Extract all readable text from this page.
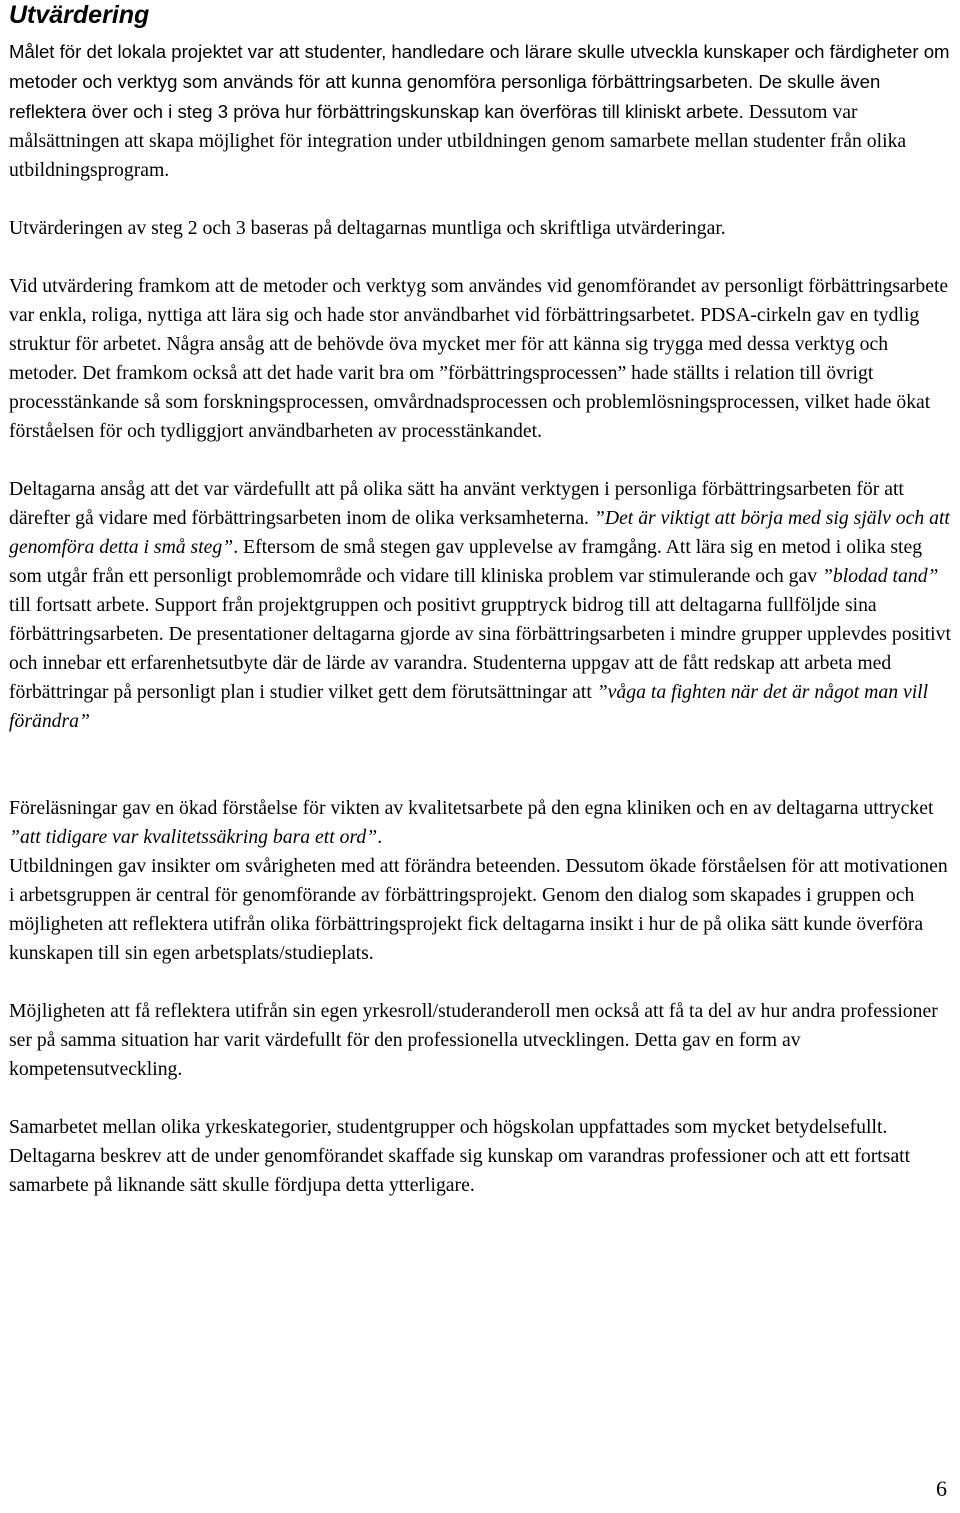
Utvärdering

Målet för det lokala projektet var att studenter, handledare och lärare skulle utveckla kunskaper och färdigheter om metoder och verktyg som används för att kunna genomföra personliga förbättringsarbeten. De skulle även reflektera över och i steg 3 pröva hur förbättringskunskap kan överföras till kliniskt arbete. Dessutom var målsättningen att skapa möjlighet för integration under utbildningen genom samarbete mellan studenter från olika utbildningsprogram.

Utvärderingen av steg 2 och 3 baseras på deltagarnas muntliga och skriftliga utvärderingar.

Vid utvärdering framkom att de metoder och verktyg som användes vid genomförandet av personligt förbättringsarbete var enkla, roliga, nyttiga att lära sig och hade stor användbarhet vid förbättringsarbetet. PDSA-cirkeln gav en tydlig struktur för arbetet. Några ansåg att de behövde öva mycket mer för att känna sig trygga med dessa verktyg och metoder. Det framkom också att det hade varit bra om ”förbättringsprocessen” hade ställts i relation till övrigt processtänkande så som forskningsprocessen, omvårdnadsprocessen och problemlösningsprocessen, vilket hade ökat förståelsen för och tydliggjort användbarheten av processtänkandet.

Deltagarna ansåg att det var värdefullt att på olika sätt ha använt verktygen i personliga förbättringsarbeten för att därefter gå vidare med förbättringsarbeten inom de olika verksamheterna. ”Det är viktigt att börja med sig själv och att genomföra detta i små steg”. Eftersom de små stegen gav upplevelse av framgång. Att lära sig en metod i olika steg som utgår från ett personligt problemområde och vidare till kliniska problem var stimulerande och gav ”blodad tand” till fortsatt arbete. Support från projektgruppen och positivt grupptryck bidrog till att deltagarna fullföljde sina förbättringsarbeten. De presentationer deltagarna gjorde av sina förbättringsarbeten i mindre grupper upplevdes positivt och innebar ett erfarenhetsutbyte där de lärde av varandra. Studenterna uppgav att de fått redskap att arbeta med förbättringar på personligt plan i studier vilket gett dem förutsättningar att ”våga ta fighten när det är något man vill förändra”

Föreläsningar gav en ökad förståelse för vikten av kvalitetsarbete på den egna kliniken och en av deltagarna uttrycket ”att tidigare var kvalitetssäkring bara ett ord”.
Utbildningen gav insikter om svårigheten med att förändra beteenden. Dessutom ökade förståelsen för att motivationen i arbetsgruppen är central för genomförande av förbättringsprojekt. Genom den dialog som skapades i gruppen och möjligheten att reflektera utifrån olika förbättringsprojekt fick deltagarna insikt i hur de på olika sätt kunde överföra kunskapen till sin egen arbetsplats/studieplats.

Möjligheten att få reflektera utifrån sin egen yrkesroll/studeranderoll men också att få ta del av hur andra professioner ser på samma situation har varit värdefullt för den professionella utvecklingen. Detta gav en form av kompetensutveckling.

Samarbetet mellan olika yrkeskategorier, studentgrupper och högskolan uppfattades som mycket betydelsefullt. Deltagarna beskrev att de under genomförandet skaffade sig kunskap om varandras professioner och att ett fortsatt samarbete på liknande sätt skulle fördjupa detta ytterligare.

6
